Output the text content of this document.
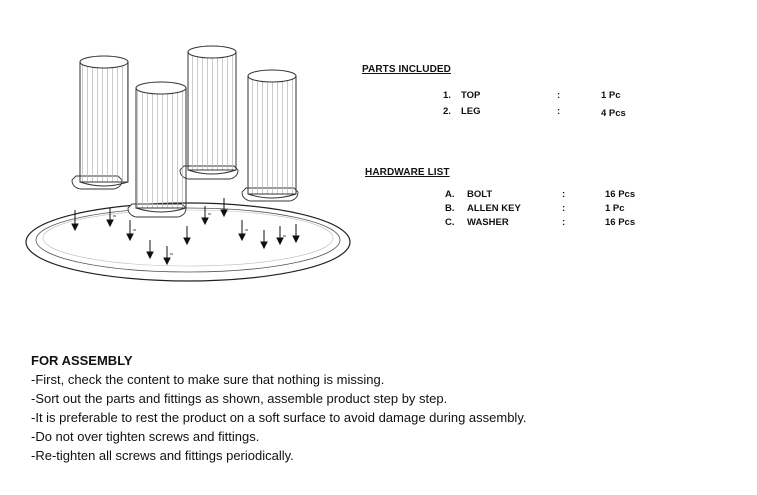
PARTS INCLUDED
1. TOP	:	1 Pc
2. LEG	:	4 Pcs
HARDWARE LIST
A. BOLT	:	16 Pcs
B. ALLEN KEY	:	1 Pc
C. WASHER	:	16 Pcs
FOR ASSEMBLY
-First, check the content to make sure that nothing is missing.
-Sort out the parts and fittings as shown, assemble product step by step.
-It is preferable to rest the product on a soft surface to avoid damage during assembly.
-Do not over tighten screws and fittings.
-Re-tighten all screws and fittings periodically.
